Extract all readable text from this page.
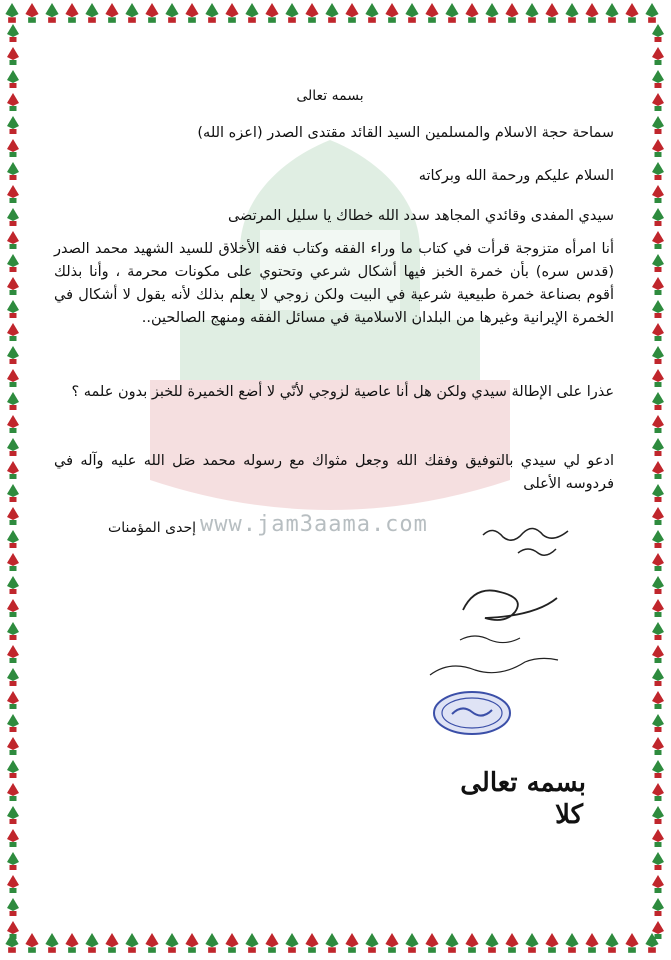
www.jam3aama.com
بسمه تعالى
سماحة حجة الاسلام والمسلمين السيد القائد مقتدى الصدر (اعزه الله)
السلام عليكم ورحمة الله وبركاته
سيدي المفدى وقائدي المجاهد سدد الله خطاك يا سليل المرتضى
أنا امرأه متزوجة قرأت في كتاب ما وراء الفقه وكتاب فقه الأخلاق للسيد الشهيد محمد الصدر (قدس سره) بأن خمرة الخبز فيها أشكال شرعي وتحتوي على مكونات محرمة ، وأنا بذلك أقوم بصناعة خمرة طبيعية شرعية في البيت ولكن زوجي لا يعلم بذلك لأنه يقول لا أشكال في الخمرة الإيرانية وغيرها من البلدان الاسلامية في مسائل الفقه ومنهج الصالحين..
عذرا على الإطالة سيدي ولكن هل أنا عاصية لزوجي لأنّي لا أضع الخميرة للخبز بدون علمه ؟
ادعو لي سيدي بالتوفيق وفقك الله وجعل مثواك مع رسوله محمد صَل الله عليه وآله في فردوسه الأعلى
إحدى المؤمنات
بسمه تعالى
كلا
